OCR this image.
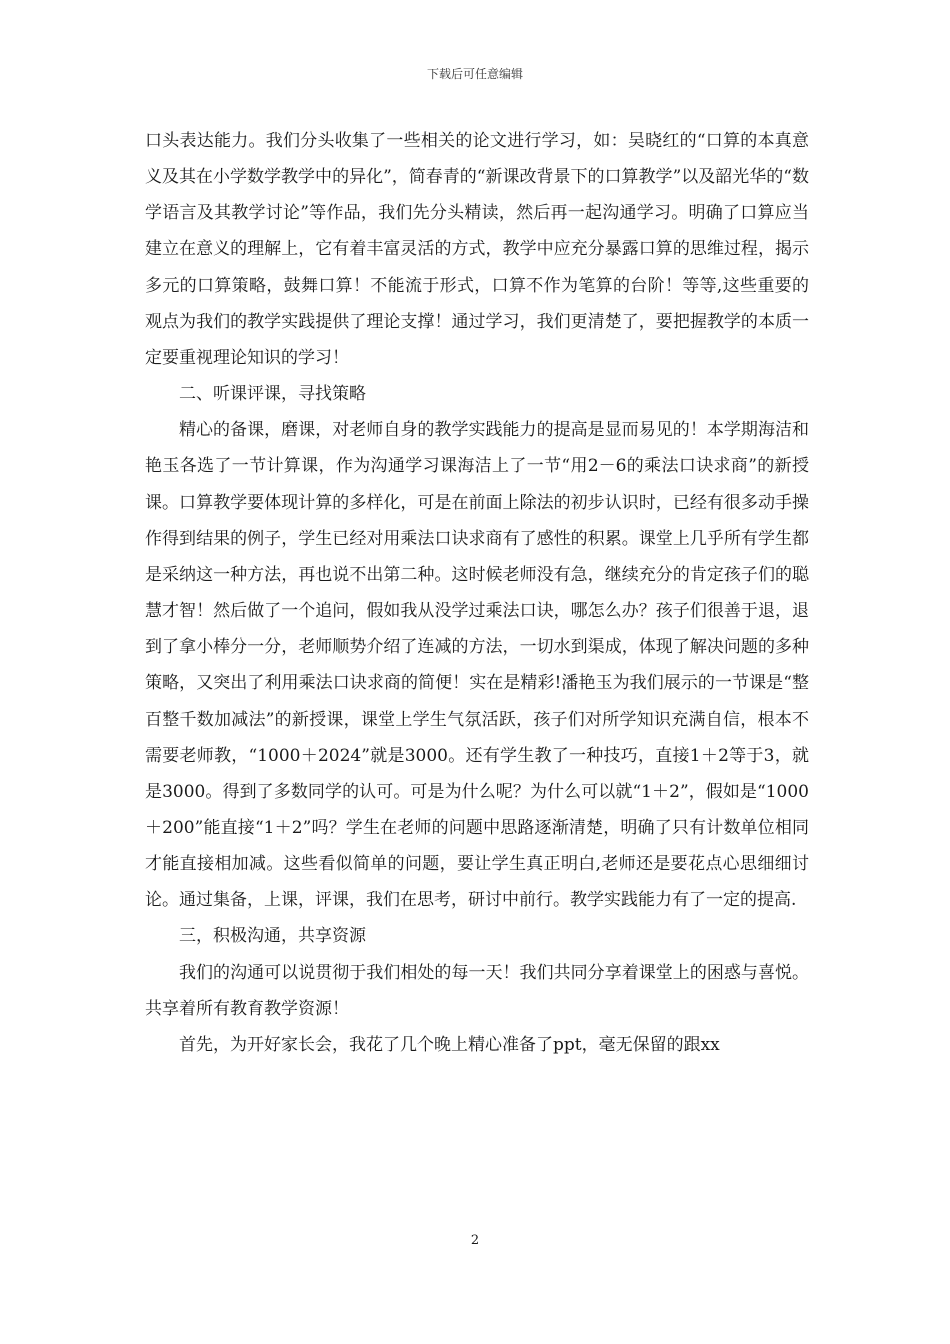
下载后可任意编辑

口头表达能力。我们分头收集了一些相关的论文进行学习，如：吴晓红的“口算的本真意义及其在小学数学教学中的异化”，简春青的“新课改背景下的口算教学”以及韶光华的“数学语言及其教学讨论”等作品，我们先分头精读，然后再一起沟通学习。明确了口算应当建立在意义的理解上，它有着丰富灵活的方式，教学中应充分暴露口算的思维过程，揭示多元的口算策略，鼓舞口算！不能流于形式，口算不作为笔算的台阶！等等,这些重要的观点为我们的教学实践提供了理论支撑！通过学习，我们更清楚了，要把握教学的本质一定要重视理论知识的学习！

二、听课评课，寻找策略

精心的备课，磨课，对老师自身的教学实践能力的提高是显而易见的！本学期海洁和艳玉各选了一节计算课，作为沟通学习课海洁上了一节“用2－6的乘法口诀求商”的新授课。口算教学要体现计算的多样化，可是在前面上除法的初步认识时，已经有很多动手操作得到结果的例子，学生已经对用乘法口诀求商有了感性的积累。课堂上几乎所有学生都是采纳这一种方法，再也说不出第二种。这时候老师没有急，继续充分的肯定孩子们的聪慧才智！然后做了一个追问，假如我从没学过乘法口诀，哪怎么办？孩子们很善于退，退到了拿小棒分一分，老师顺势介绍了连减的方法，一切水到渠成，体现了解决问题的多种策略，又突出了利用乘法口诀求商的简便！实在是精彩!潘艳玉为我们展示的一节课是“整百整千数加减法”的新授课，课堂上学生气氛活跃，孩子们对所学知识充满自信，根本不需要老师教，“1000＋2024”就是3000。还有学生教了一种技巧，直接1＋2等于3，就是3000。得到了多数同学的认可。可是为什么呢？为什么可以就“1＋2”，假如是“1000＋200”能直接“1＋2”吗？学生在老师的问题中思路逐渐清楚，明确了只有计数单位相同才能直接相加减。这些看似简单的问题，要让学生真正明白,老师还是要花点心思细细讨论。通过集备，上课，评课，我们在思考，研讨中前行。教学实践能力有了一定的提高.

三，积极沟通，共享资源

我们的沟通可以说贯彻于我们相处的每一天！我们共同分享着课堂上的困惑与喜悦。共享着所有教育教学资源！

首先，为开好家长会，我花了几个晚上精心准备了ppt，毫无保留的跟xx

2
